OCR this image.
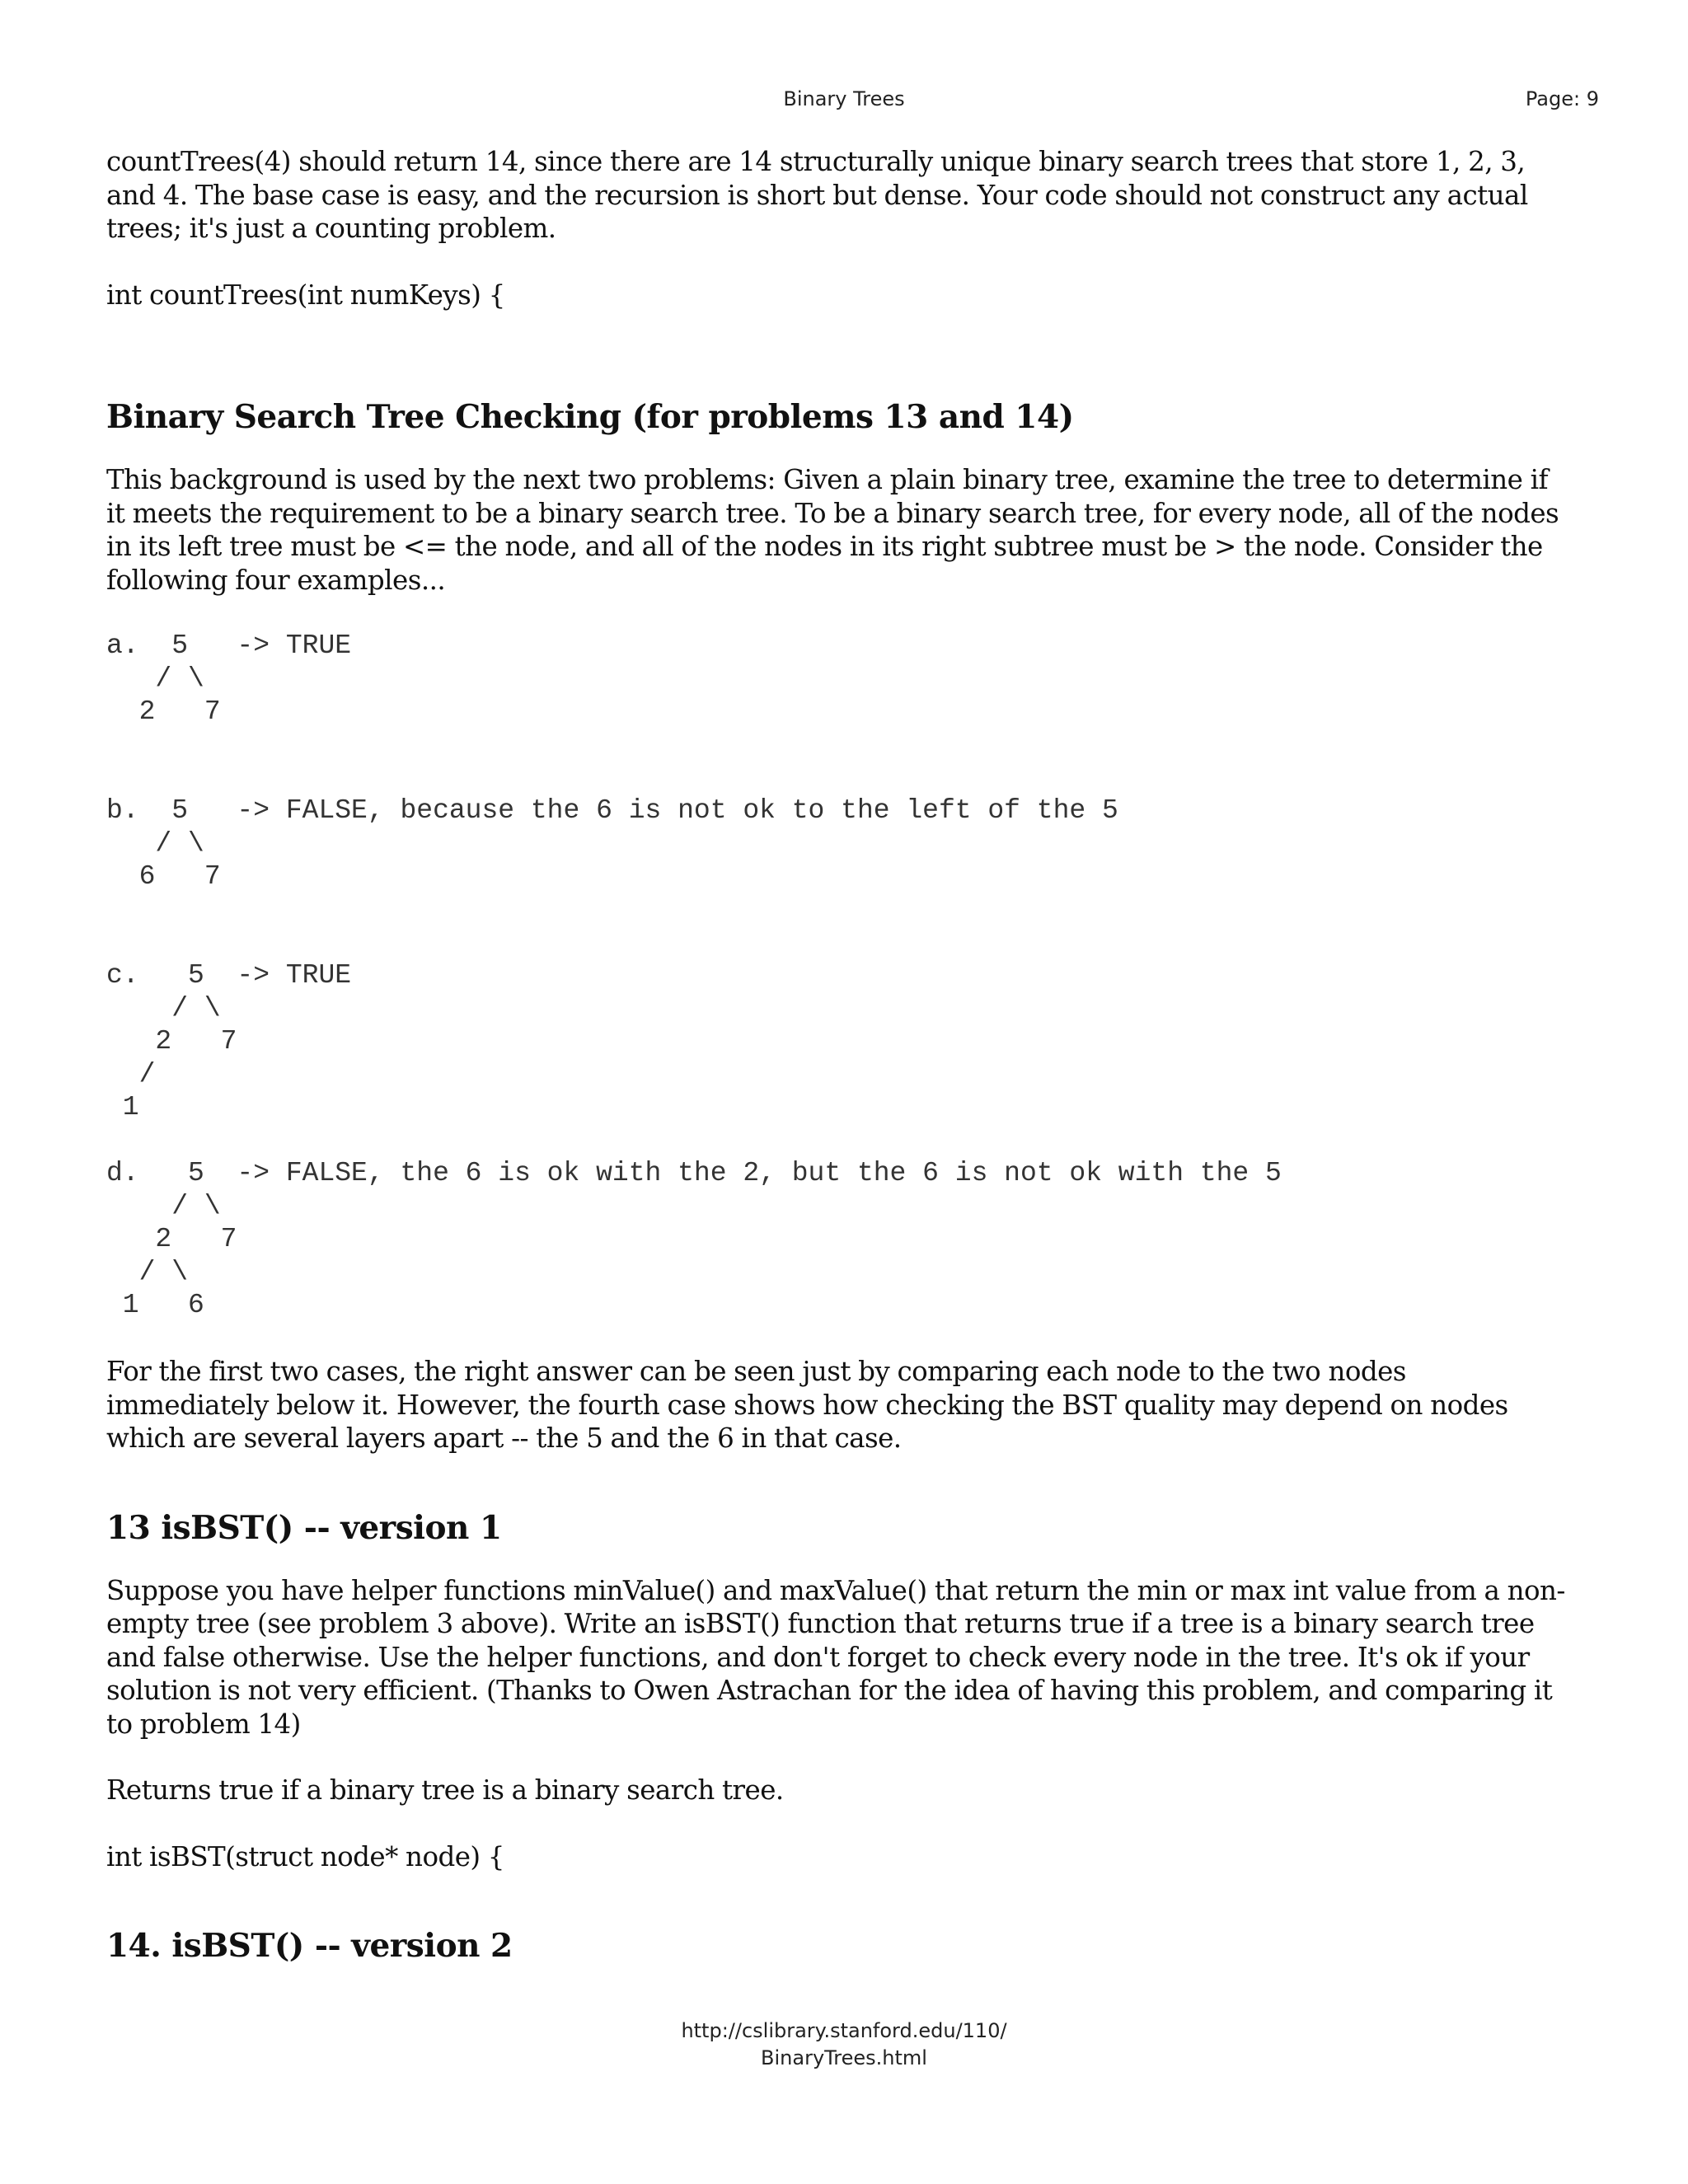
Binary Trees	Page: 9

countTrees(4) should return 14, since there are 14 structurally unique binary search trees that store 1, 2, 3, and 4. The base case is easy, and the recursion is short but dense. Your code should not construct any actual trees; it's just a counting problem.

int countTrees(int numKeys) {

Binary Search Tree Checking (for problems 13 and 14)

This background is used by the next two problems: Given a plain binary tree, examine the tree to determine if it meets the requirement to be a binary search tree. To be a binary search tree, for every node, all of the nodes in its left tree must be <= the node, and all of the nodes in its right subtree must be > the node. Consider the following four examples...

a.  5   -> TRUE
/ \
2   7
b.  5   -> FALSE, because the 6 is not ok to the left of the 5
/ \
6   7
c.   5  -> TRUE
/ \
2   7
/
1
d.   5  -> FALSE, the 6 is ok with the 2, but the 6 is not ok with the 5
/ \
2   7
/ \
1   6

For the first two cases, the right answer can be seen just by comparing each node to the two nodes immediately below it. However, the fourth case shows how checking the BST quality may depend on nodes which are several layers apart -- the 5 and the 6 in that case.

13 isBST() -- version 1

Suppose you have helper functions minValue() and maxValue() that return the min or max int value from a non-empty tree (see problem 3 above). Write an isBST() function that returns true if a tree is a binary search tree and false otherwise. Use the helper functions, and don't forget to check every node in the tree. It's ok if your solution is not very efficient. (Thanks to Owen Astrachan for the idea of having this problem, and comparing it to problem 14)

Returns true if a binary tree is a binary search tree.

int isBST(struct node* node) {

14. isBST() -- version 2
http://cslibrary.stanford.edu/110/
BinaryTrees.html
